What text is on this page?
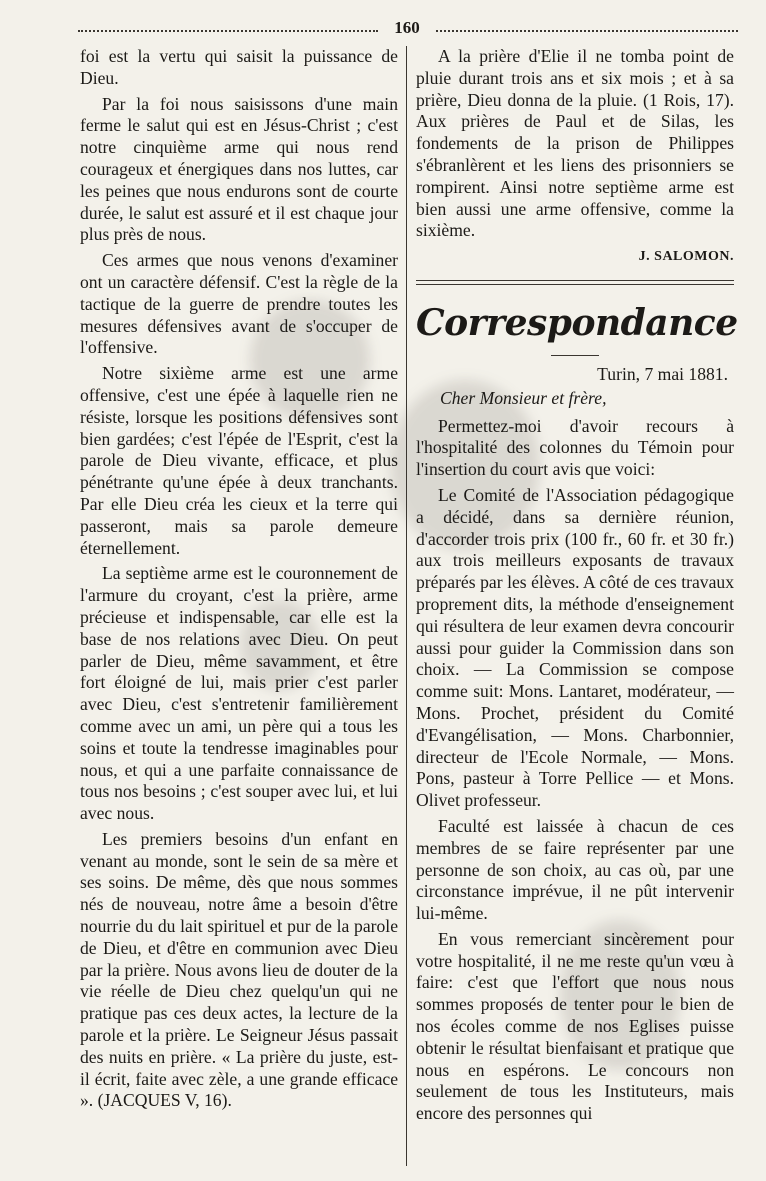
160

foi est la vertu qui saisit la puissance de Dieu.

Par la foi nous saisissons d'une main ferme le salut qui est en Jésus-Christ ; c'est notre cinquième arme qui nous rend courageux et énergiques dans nos luttes, car les peines que nous endurons sont de courte durée, le salut est assuré et il est chaque jour plus près de nous.

Ces armes que nous venons d'examiner ont un caractère défensif. C'est la règle de la tactique de la guerre de prendre toutes les mesures défensives avant de s'occuper de l'offensive.

Notre sixième arme est une arme offensive, c'est une épée à laquelle rien ne résiste, lorsque les positions défensives sont bien gardées; c'est l'épée de l'Esprit, c'est la parole de Dieu vivante, efficace, et plus pénétrante qu'une épée à deux tranchants. Par elle Dieu créa les cieux et la terre qui passeront, mais sa parole demeure éternellement.

La septième arme est le couronnement de l'armure du croyant, c'est la prière, arme précieuse et indispensable, car elle est la base de nos relations avec Dieu. On peut parler de Dieu, même savamment, et être fort éloigné de lui, mais prier c'est parler avec Dieu, c'est s'entretenir familièrement comme avec un ami, un père qui a tous les soins et toute la tendresse imaginables pour nous, et qui a une parfaite connaissance de tous nos besoins ; c'est souper avec lui, et lui avec nous.

Les premiers besoins d'un enfant en venant au monde, sont le sein de sa mère et ses soins. De même, dès que nous sommes nés de nouveau, notre âme a besoin d'être nourrie du du lait spirituel et pur de la parole de Dieu, et d'être en communion avec Dieu par la prière. Nous avons lieu de douter de la vie réelle de Dieu chez quelqu'un qui ne pratique pas ces deux actes, la lecture de la parole et la prière. Le Seigneur Jésus passait des nuits en prière. « La prière du juste, est-il écrit, faite avec zèle, a une grande efficace ». (JACQUES V, 16).

A la prière d'Elie il ne tomba point de pluie durant trois ans et six mois ; et à sa prière, Dieu donna de la pluie. (1 Rois, 17). Aux prières de Paul et de Silas, les fondements de la prison de Philippes s'ébranlèrent et les liens des prisonniers se rompirent. Ainsi notre septième arme est bien aussi une arme offensive, comme la sixième.

J. SALOMON.
Correspondance
Turin, 7 mai 1881.

Cher Monsieur et frère,

Permettez-moi d'avoir recours à l'hospitalité des colonnes du Témoin pour l'insertion du court avis que voici:

Le Comité de l'Association pédagogique a décidé, dans sa dernière réunion, d'accorder trois prix (100 fr., 60 fr. et 30 fr.) aux trois meilleurs exposants de travaux préparés par les élèves. A côté de ces travaux proprement dits, la méthode d'enseignement qui résultera de leur examen devra concourir aussi pour guider la Commission dans son choix. — La Commission se compose comme suit: Mons. Lantaret, modérateur, — Mons. Prochet, président du Comité d'Evangélisation, — Mons. Charbonnier, directeur de l'Ecole Normale, — Mons. Pons, pasteur à Torre Pellice — et Mons. Olivet professeur.

Faculté est laissée à chacun de ces membres de se faire représenter par une personne de son choix, au cas où, par une circonstance imprévue, il ne pût intervenir lui-même.

En vous remerciant sincèrement pour votre hospitalité, il ne me reste qu'un vœu à faire: c'est que l'effort que nous nous sommes proposés de tenter pour le bien de nos écoles comme de nos Eglises puisse obtenir le résultat bienfaisant et pratique que nous en espérons. Le concours non seulement de tous les Instituteurs, mais encore des personnes qui
